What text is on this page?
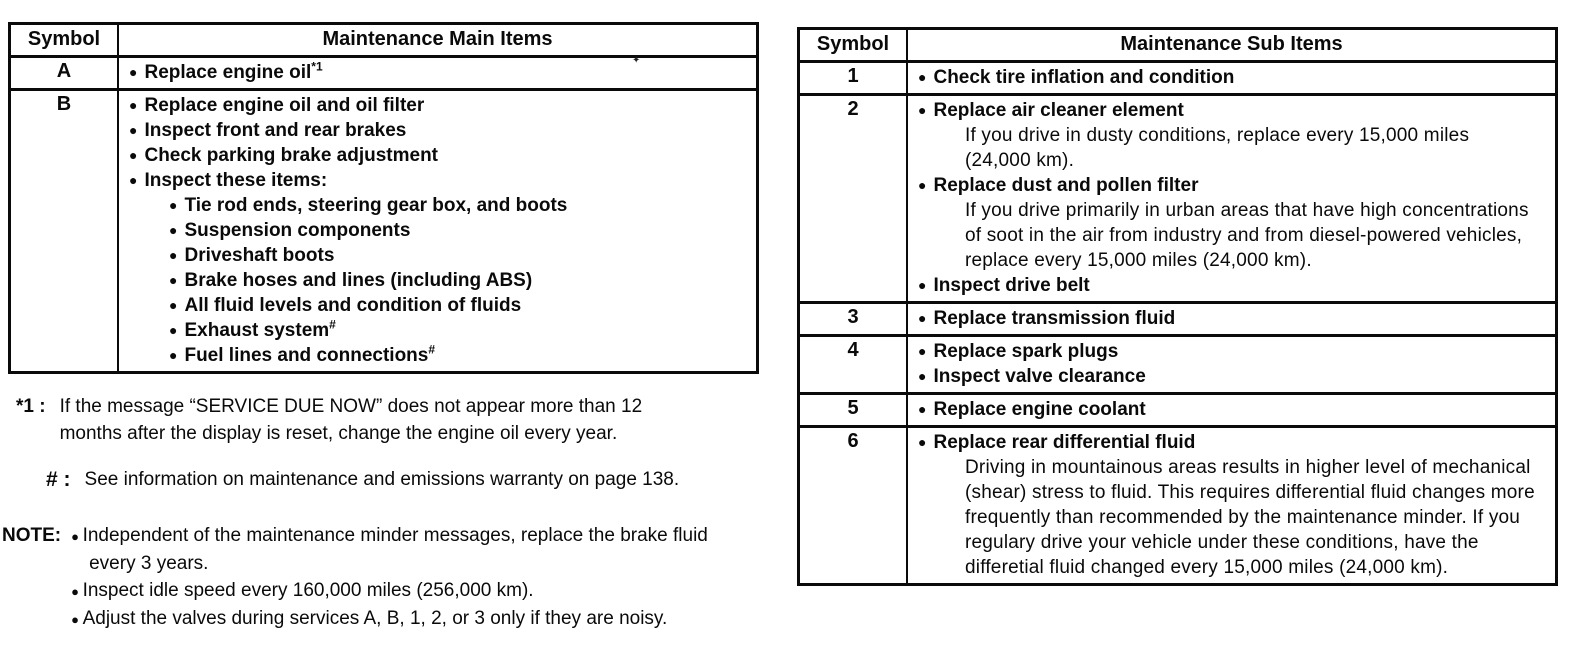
Symbol	Maintenance Main Items
A	● Replace engine oil$^{*1}$
B	● Replace engine oil and oil filter
● Inspect front and rear brakes
● Check parking brake adjustment
● Inspect these items:
● Tie rod ends, steering gear box, and boots
● Suspension components
● Driveshaft boots
● Brake hoses and lines (including ABS)
● All fluid levels and condition of fluids
● Exhaust system#
● Fuel lines and connections#
*1 : If the message “SERVICE DUE NOW” does not appear more than 12 months after the display is reset, change the engine oil every year.
# : See information on maintenance and emissions warranty on page 138.
NOTE:	● Independent of the maintenance minder messages, replace the brake fluid every 3 years.
● Inspect idle speed every 160,000 miles (256,000 km).
● Adjust the valves during services A, B, 1, 2, or 3 only if they are noisy.
Symbol	Maintenance Sub Items
1	● Check tire inflation and condition
2	● Replace air cleaner element
If you drive in dusty conditions, replace every 15,000 miles (24,000 km).
● Replace dust and pollen filter
If you drive primarily in urban areas that have high concentrations of soot in the air from industry and from diesel-powered vehicles, replace every 15,000 miles (24,000 km).
● Inspect drive belt
3	● Replace transmission fluid
4	● Replace spark plugs
● Inspect valve clearance
5	● Replace engine coolant
6	● Replace rear differential fluid
Driving in mountainous areas results in higher level of mechanical (shear) stress to fluid. This requires differential fluid changes more frequently than recommended by the maintenance minder. If you regulary drive your vehicle under these conditions, have the differetial fluid changed every 15,000 miles (24,000 km).
✦
